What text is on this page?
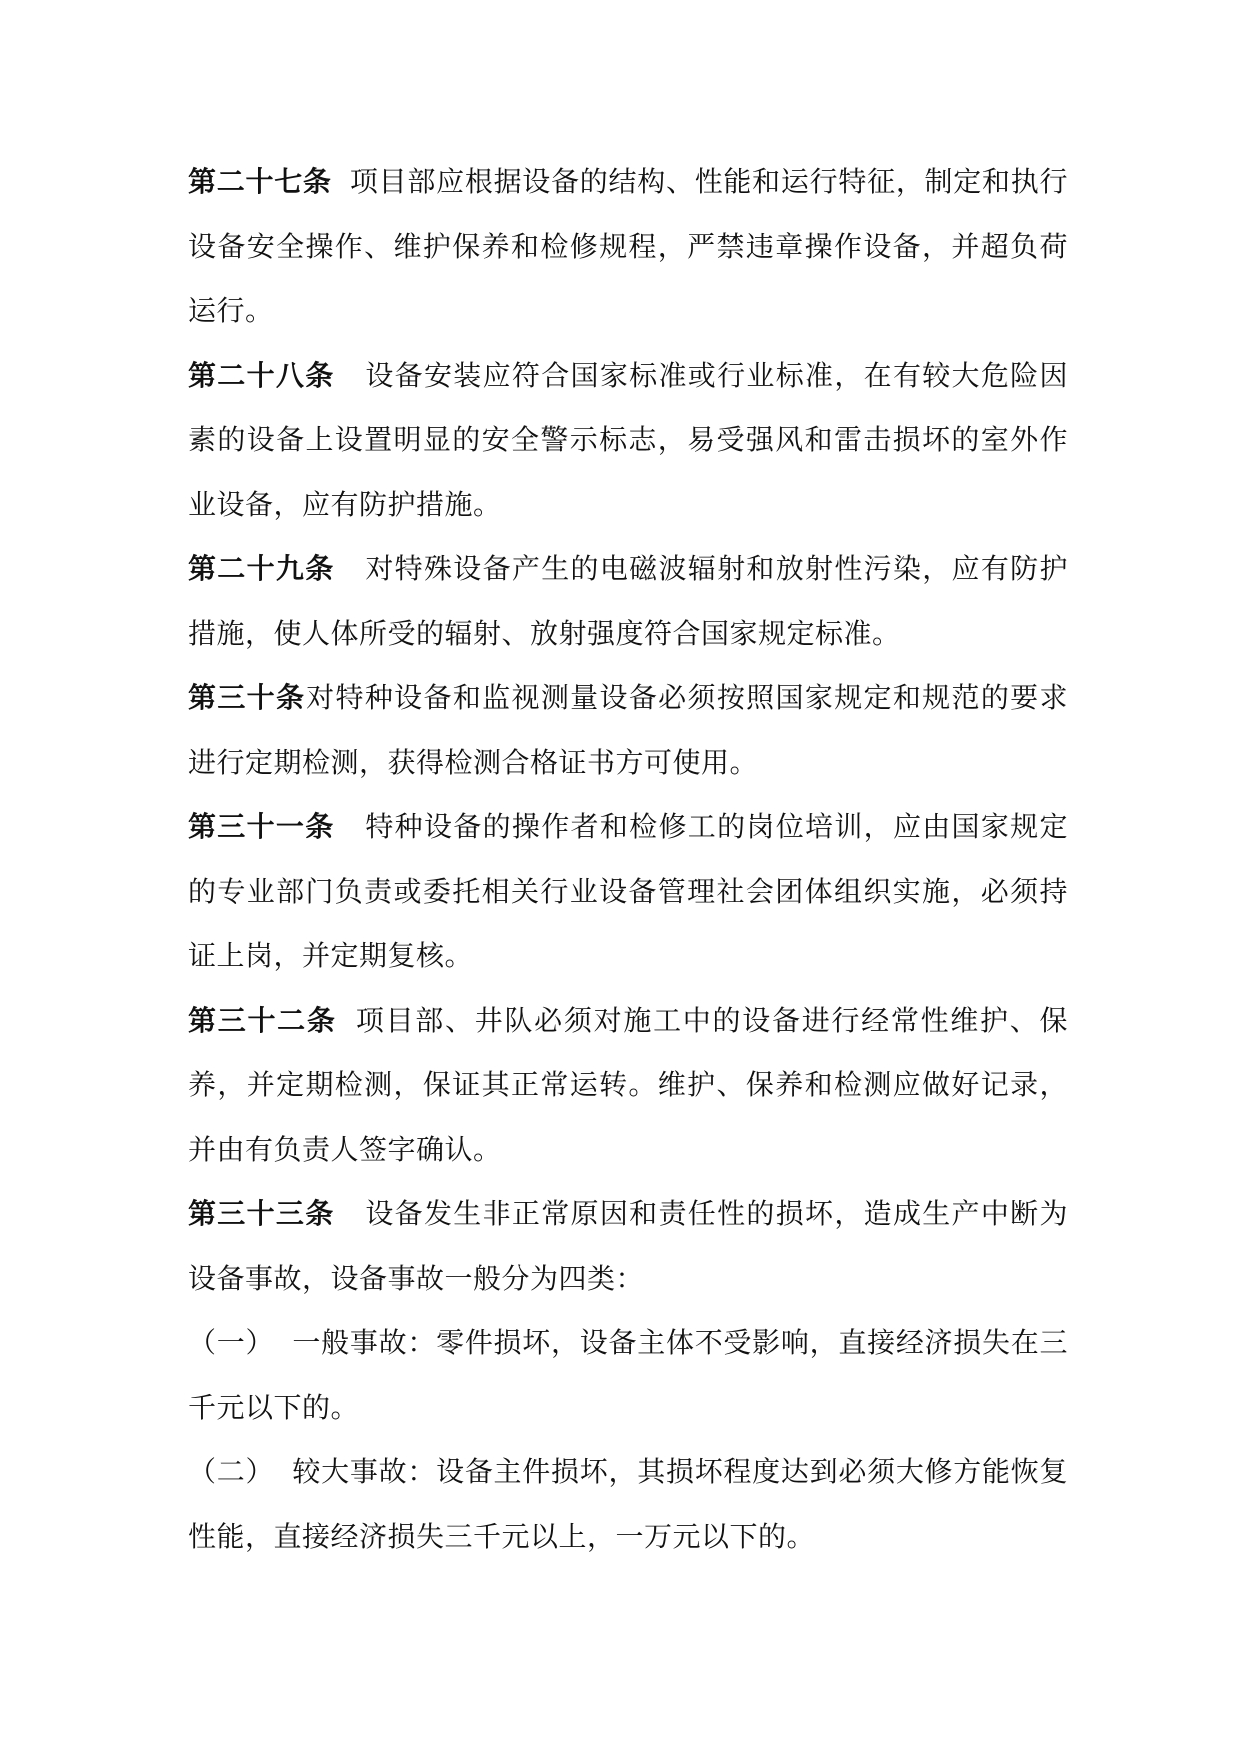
第二十七条 项目部应根据设备的结构、性能和运行特征，制定和执行设备安全操作、维护保养和检修规程，严禁违章操作设备，并超负荷运行。

第二十八条 设备安装应符合国家标准或行业标准，在有较大危险因素的设备上设置明显的安全警示标志，易受强风和雷击损坏的室外作业设备，应有防护措施。

第二十九条 对特殊设备产生的电磁波辐射和放射性污染，应有防护措施，使人体所受的辐射、放射强度符合国家规定标准。

第三十条对特种设备和监视测量设备必须按照国家规定和规范的要求进行定期检测，获得检测合格证书方可使用。

第三十一条 特种设备的操作者和检修工的岗位培训，应由国家规定的专业部门负责或委托相关行业设备管理社会团体组织实施，必须持证上岗，并定期复核。

第三十二条 项目部、井队必须对施工中的设备进行经常性维护、保养，并定期检测，保证其正常运转。维护、保养和检测应做好记录，并由有负责人签字确认。

第三十三条 设备发生非正常原因和责任性的损坏，造成生产中断为设备事故，设备事故一般分为四类：

（一） 一般事故：零件损坏，设备主体不受影响，直接经济损失在三千元以下的。

（二） 较大事故：设备主件损坏，其损坏程度达到必须大修方能恢复性能，直接经济损失三千元以上，一万元以下的。
